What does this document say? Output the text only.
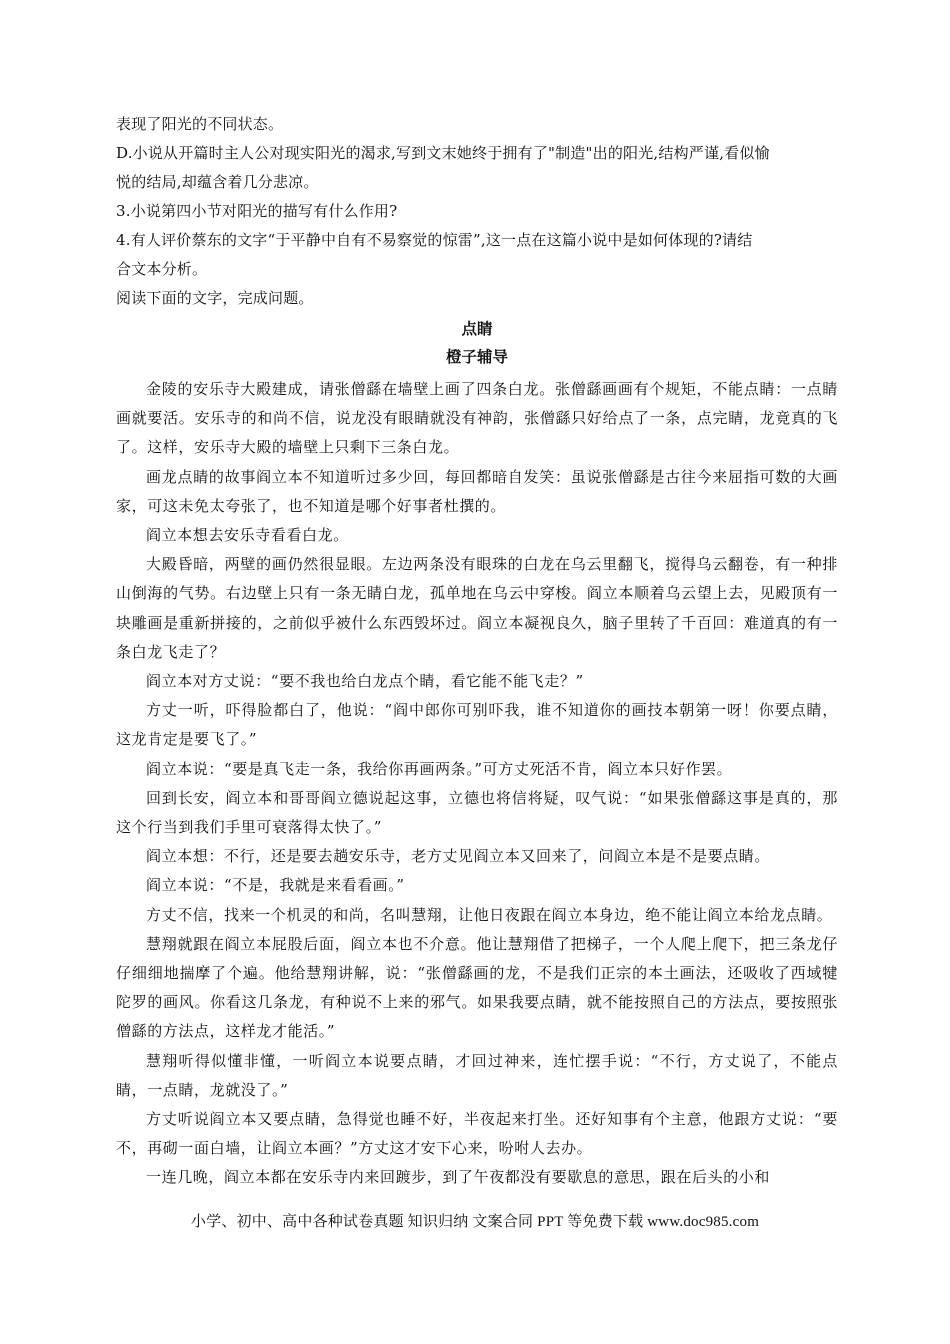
表现了阳光的不同状态。
D.小说从开篇时主人公对现实阳光的渴求,写到文末她终于拥有了"制造"出的阳光,结构严谨,看似愉
悦的结局,却蕴含着几分悲凉。
3.小说第四小节对阳光的描写有什么作用?
4.有人评价蔡东的文字“于平静中自有不易察觉的惊雷”,这一点在这篇小说中是如何体现的?请结
合文本分析。
阅读下面的文字，完成问题。
点睛
橙子辅导

金陵的安乐寺大殿建成，请张僧繇在墙壁上画了四条白龙。张僧繇画画有个规矩，不能点睛：一点睛画就要活。安乐寺的和尚不信，说龙没有眼睛就没有神韵，张僧繇只好给点了一条，点完睛，龙竟真的飞了。这样，安乐寺大殿的墙壁上只剩下三条白龙。

画龙点睛的故事阎立本不知道听过多少回，每回都暗自发笑：虽说张僧繇是古往今来屈指可数的大画家，可这未免太夸张了，也不知道是哪个好事者杜撰的。

阎立本想去安乐寺看看白龙。

大殿昏暗，两壁的画仍然很显眼。左边两条没有眼珠的白龙在乌云里翻飞，搅得乌云翻卷，有一种排山倒海的气势。右边壁上只有一条无睛白龙，孤单地在乌云中穿梭。阎立本顺着乌云望上去，见殿顶有一块雕画是重新拼接的，之前似乎被什么东西毁坏过。阎立本凝视良久，脑子里转了千百回：难道真的有一条白龙飞走了？

阎立本对方丈说：“要不我也给白龙点个睛，看它能不能飞走？”

方丈一听，吓得脸都白了，他说：“阎中郎你可别吓我，谁不知道你的画技本朝第一呀！你要点睛，这龙肯定是要飞了。”

阎立本说：“要是真飞走一条，我给你再画两条。”可方丈死活不肯，阎立本只好作罢。

回到长安，阎立本和哥哥阎立德说起这事，立德也将信将疑，叹气说：“如果张僧繇这事是真的，那这个行当到我们手里可衰落得太快了。”

阎立本想：不行，还是要去趟安乐寺，老方丈见阎立本又回来了，问阎立本是不是要点睛。

阎立本说：“不是，我就是来看看画。”

方丈不信，找来一个机灵的和尚，名叫慧翔，让他日夜跟在阎立本身边，绝不能让阎立本给龙点睛。

慧翔就跟在阎立本屁股后面，阎立本也不介意。他让慧翔借了把梯子，一个人爬上爬下，把三条龙仔仔细细地揣摩了个遍。他给慧翔讲解，说：“张僧繇画的龙，不是我们正宗的本土画法，还吸收了西域犍陀罗的画风。你看这几条龙，有种说不上来的邪气。如果我要点睛，就不能按照自己的方法点，要按照张僧繇的方法点，这样龙才能活。”

慧翔听得似懂非懂，一听阎立本说要点睛，才回过神来，连忙摆手说：“不行，方丈说了，不能点睛，一点睛，龙就没了。”

方丈听说阎立本又要点睛，急得觉也睡不好，半夜起来打坐。还好知事有个主意，他跟方丈说：“要不，再砌一面白墙，让阎立本画？”方丈这才安下心来，吩咐人去办。

一连几晚，阎立本都在安乐寺内来回踱步，到了午夜都没有要歇息的意思，跟在后头的小和

小学、初中、高中各种试卷真题 知识归纳 文案合同 PPT 等免费下载 www.doc985.com
